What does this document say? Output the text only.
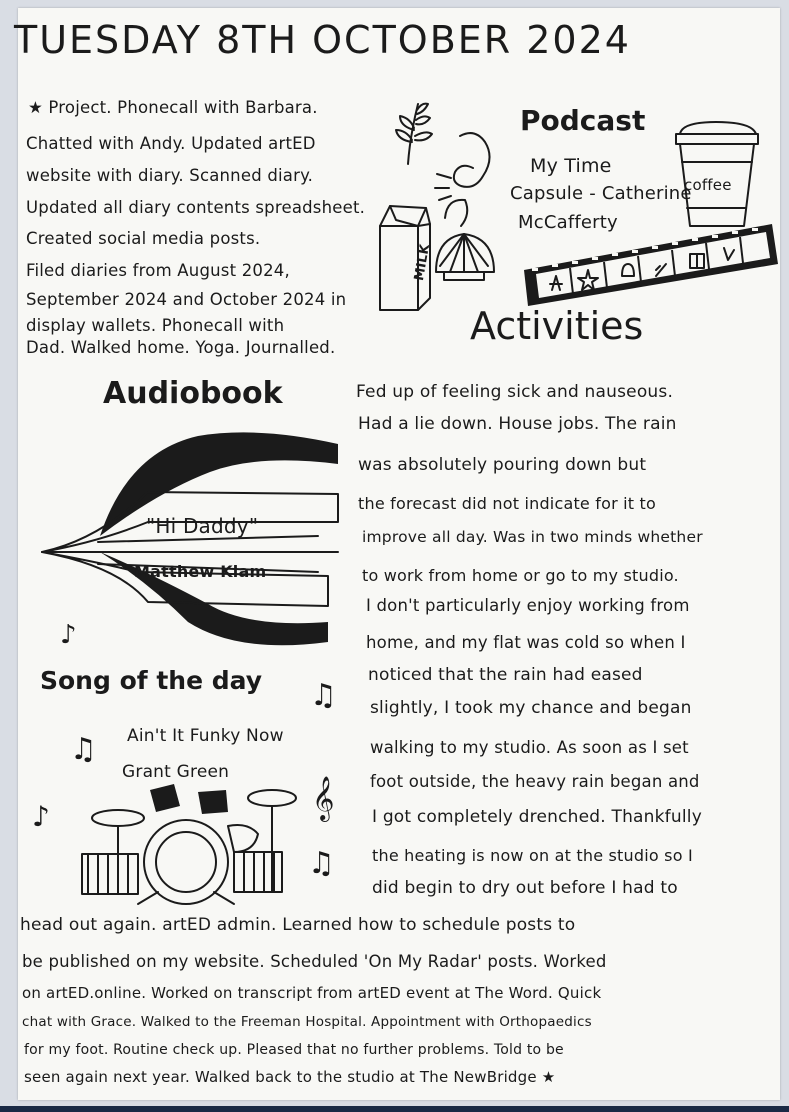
TUESDAY 8TH OCTOBER 2024
★ Project. Phonecall with Barbara.
Chatted with Andy. Updated artED
website with diary. Scanned diary.
Updated all diary contents spreadsheet.
Created social media posts.
Filed diaries from August 2024,
September 2024 and October 2024 in
display wallets. Phonecall with
Dad. Walked home. Yoga. Journalled.
MILK
Podcast
My Time
Capsule - Catherine
McCafferty
coffee
Activities
Audiobook
"Hi Daddy"
Matthew Klam
Song of the day
Ain't It Funky Now
Grant Green
♪
♫
♫
♪	𝄞
♫
Fed up of feeling sick and nauseous.
Had a lie down. House jobs. The rain
was absolutely pouring down but
the forecast did not indicate for it to
improve all day. Was in two minds whether
to work from home or go to my studio.
I don't particularly enjoy working from
home, and my flat was cold so when I
noticed that the rain had eased
slightly, I took my chance and began
walking to my studio. As soon as I set
foot outside, the heavy rain began and
I got completely drenched. Thankfully
the heating is now on at the studio so I
did begin to dry out before I had to
head out again. artED admin. Learned how to schedule posts to
be published on my website. Scheduled 'On My Radar' posts. Worked
on artED.online. Worked on transcript from artED event at The Word. Quick
chat with Grace. Walked to the Freeman Hospital. Appointment with Orthopaedics
for my foot. Routine check up. Pleased that no further problems. Told to be
seen again next year. Walked back to the studio at The NewBridge ★
